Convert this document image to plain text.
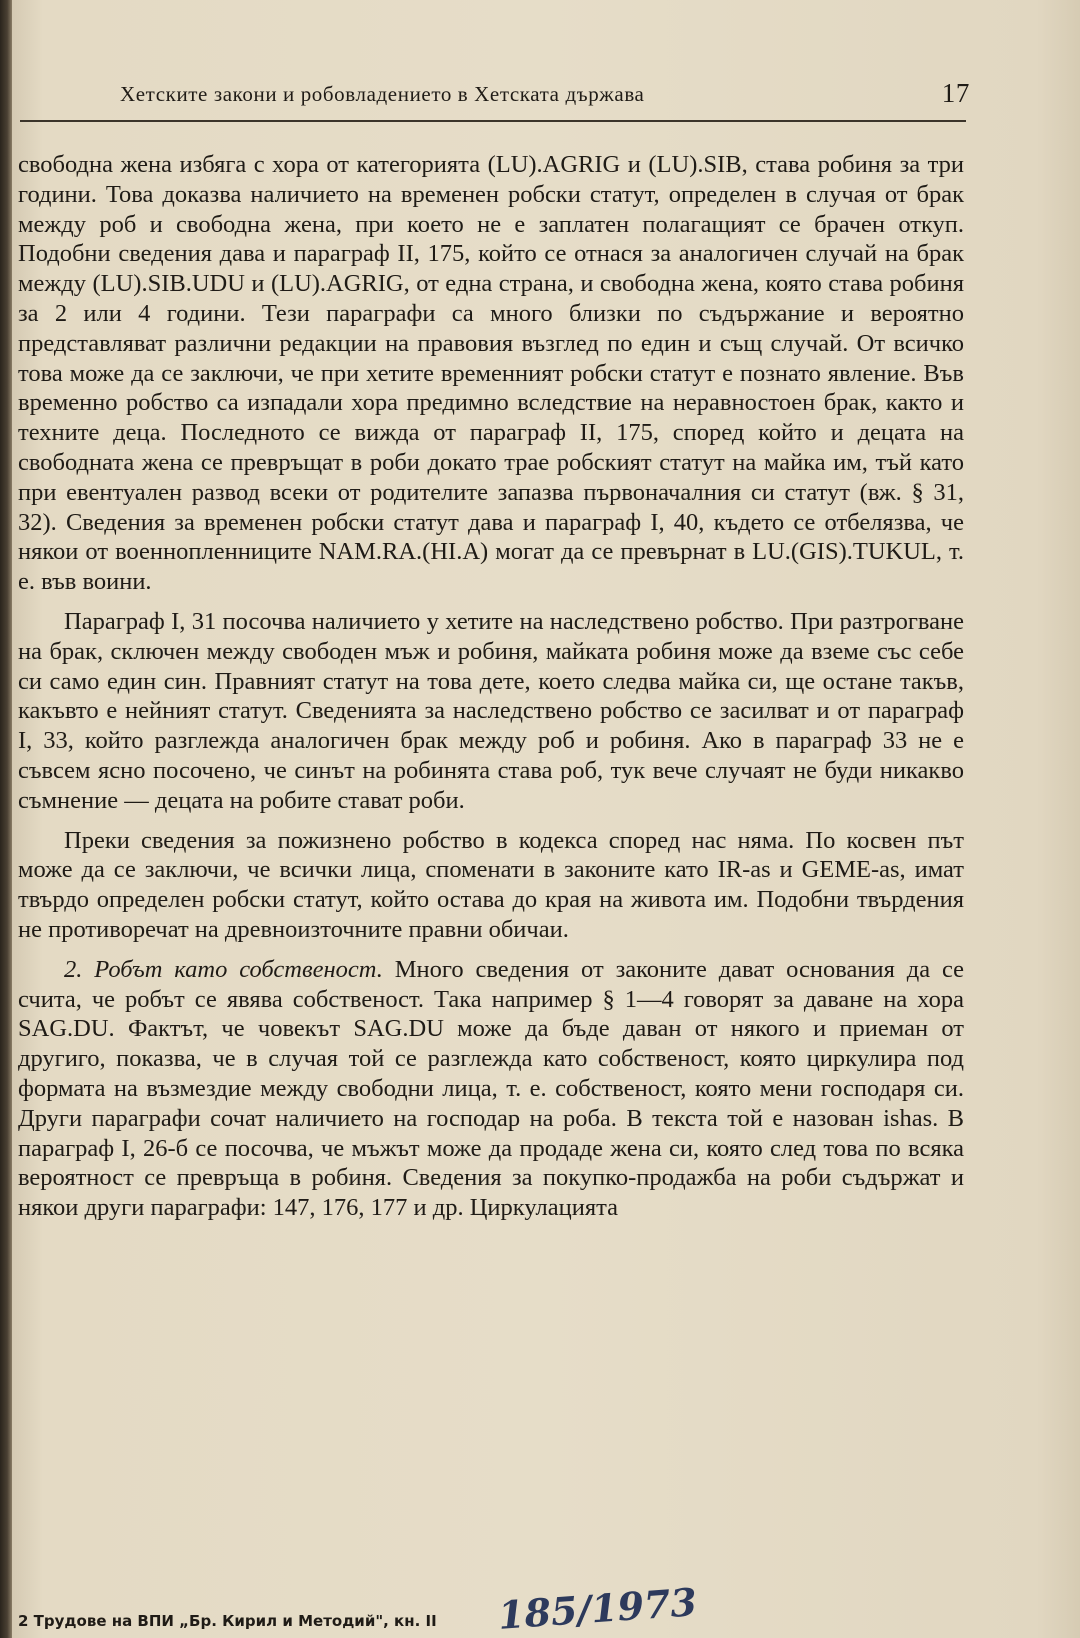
Хетските закони и робовладението в Хетската държава	17

свободна жена избяга с хора от категорията (LU).AGRIG и (LU).SIB, става робиня за три години. Това доказва наличието на временен робски статут, определен в случая от брак между роб и свободна жена, при което не е заплатен полагащият се брачен откуп. Подобни сведения дава и параграф II, 175, който се отнася за аналогичен случай на брак между (LU).SIB.UDU и (LU).AGRIG, от една страна, и свободна жена, която става робиня за 2 или 4 години. Тези параграфи са много близки по съдържание и вероятно представляват различни редакции на правовия възглед по един и същ случай. От всичко това може да се заключи, че при хетите временният робски статут е познато явление. Във временно робство са изпадали хора предимно вследствие на неравностоен брак, както и техните деца. Последното се вижда от параграф II, 175, според който и децата на свободната жена се превръщат в роби докато трае робският статут на майка им, тъй като при евентуален развод всеки от родителите запазва първоначалния си статут (вж. § 31, 32). Сведения за временен робски статут дава и параграф I, 40, където се отбелязва, че някои от военнопленниците NAM.RA.(HI.A) могат да се превърнат в LU.(GIS).TUKUL, т. е. във воини.

Параграф I, 31 посочва наличието у хетите на наследствено робство. При разтрогване на брак, сключен между свободен мъж и робиня, майката робиня може да вземе със себе си само един син. Правният статут на това дете, което следва майка си, ще остане такъв, какъвто е нейният статут. Сведенията за наследствено робство се засилват и от параграф I, 33, който разглежда аналогичен брак между роб и робиня. Ако в параграф 33 не е съвсем ясно посочено, че синът на робинята става роб, тук вече случаят не буди никакво съмнение — децата на робите стават роби.

Преки сведения за пожизнено робство в кодекса според нас няма. По косвен път може да се заключи, че всички лица, споменати в законите като IR-as и GEME-as, имат твърдо определен робски статут, който остава до края на живота им. Подобни твърдения не противоречат на древноизточните правни обичаи.

2. Робът като собственост. Много сведения от законите дават основания да се счита, че робът се явява собственост. Така например § 1—4 говорят за даване на хора SAG.DU. Фактът, че човекът SAG.DU може да бъде даван от някого и приеман от другиго, показва, че в случая той се разглежда като собственост, която циркулира под формата на възмездие между свободни лица, т. е. собственост, която мени господаря си. Други параграфи сочат наличието на господар на роба. В текста той е назован ishas. В параграф I, 26-б се посочва, че мъжът може да продаде жена си, която след това по всяка вероятност се превръща в робиня. Сведения за покупко-продажба на роби съдържат и някои други параграфи: 147, 176, 177 и др. Циркулацията

2 Трудове на ВПИ „Бр. Кирил и Методий", кн. II 185/1973
